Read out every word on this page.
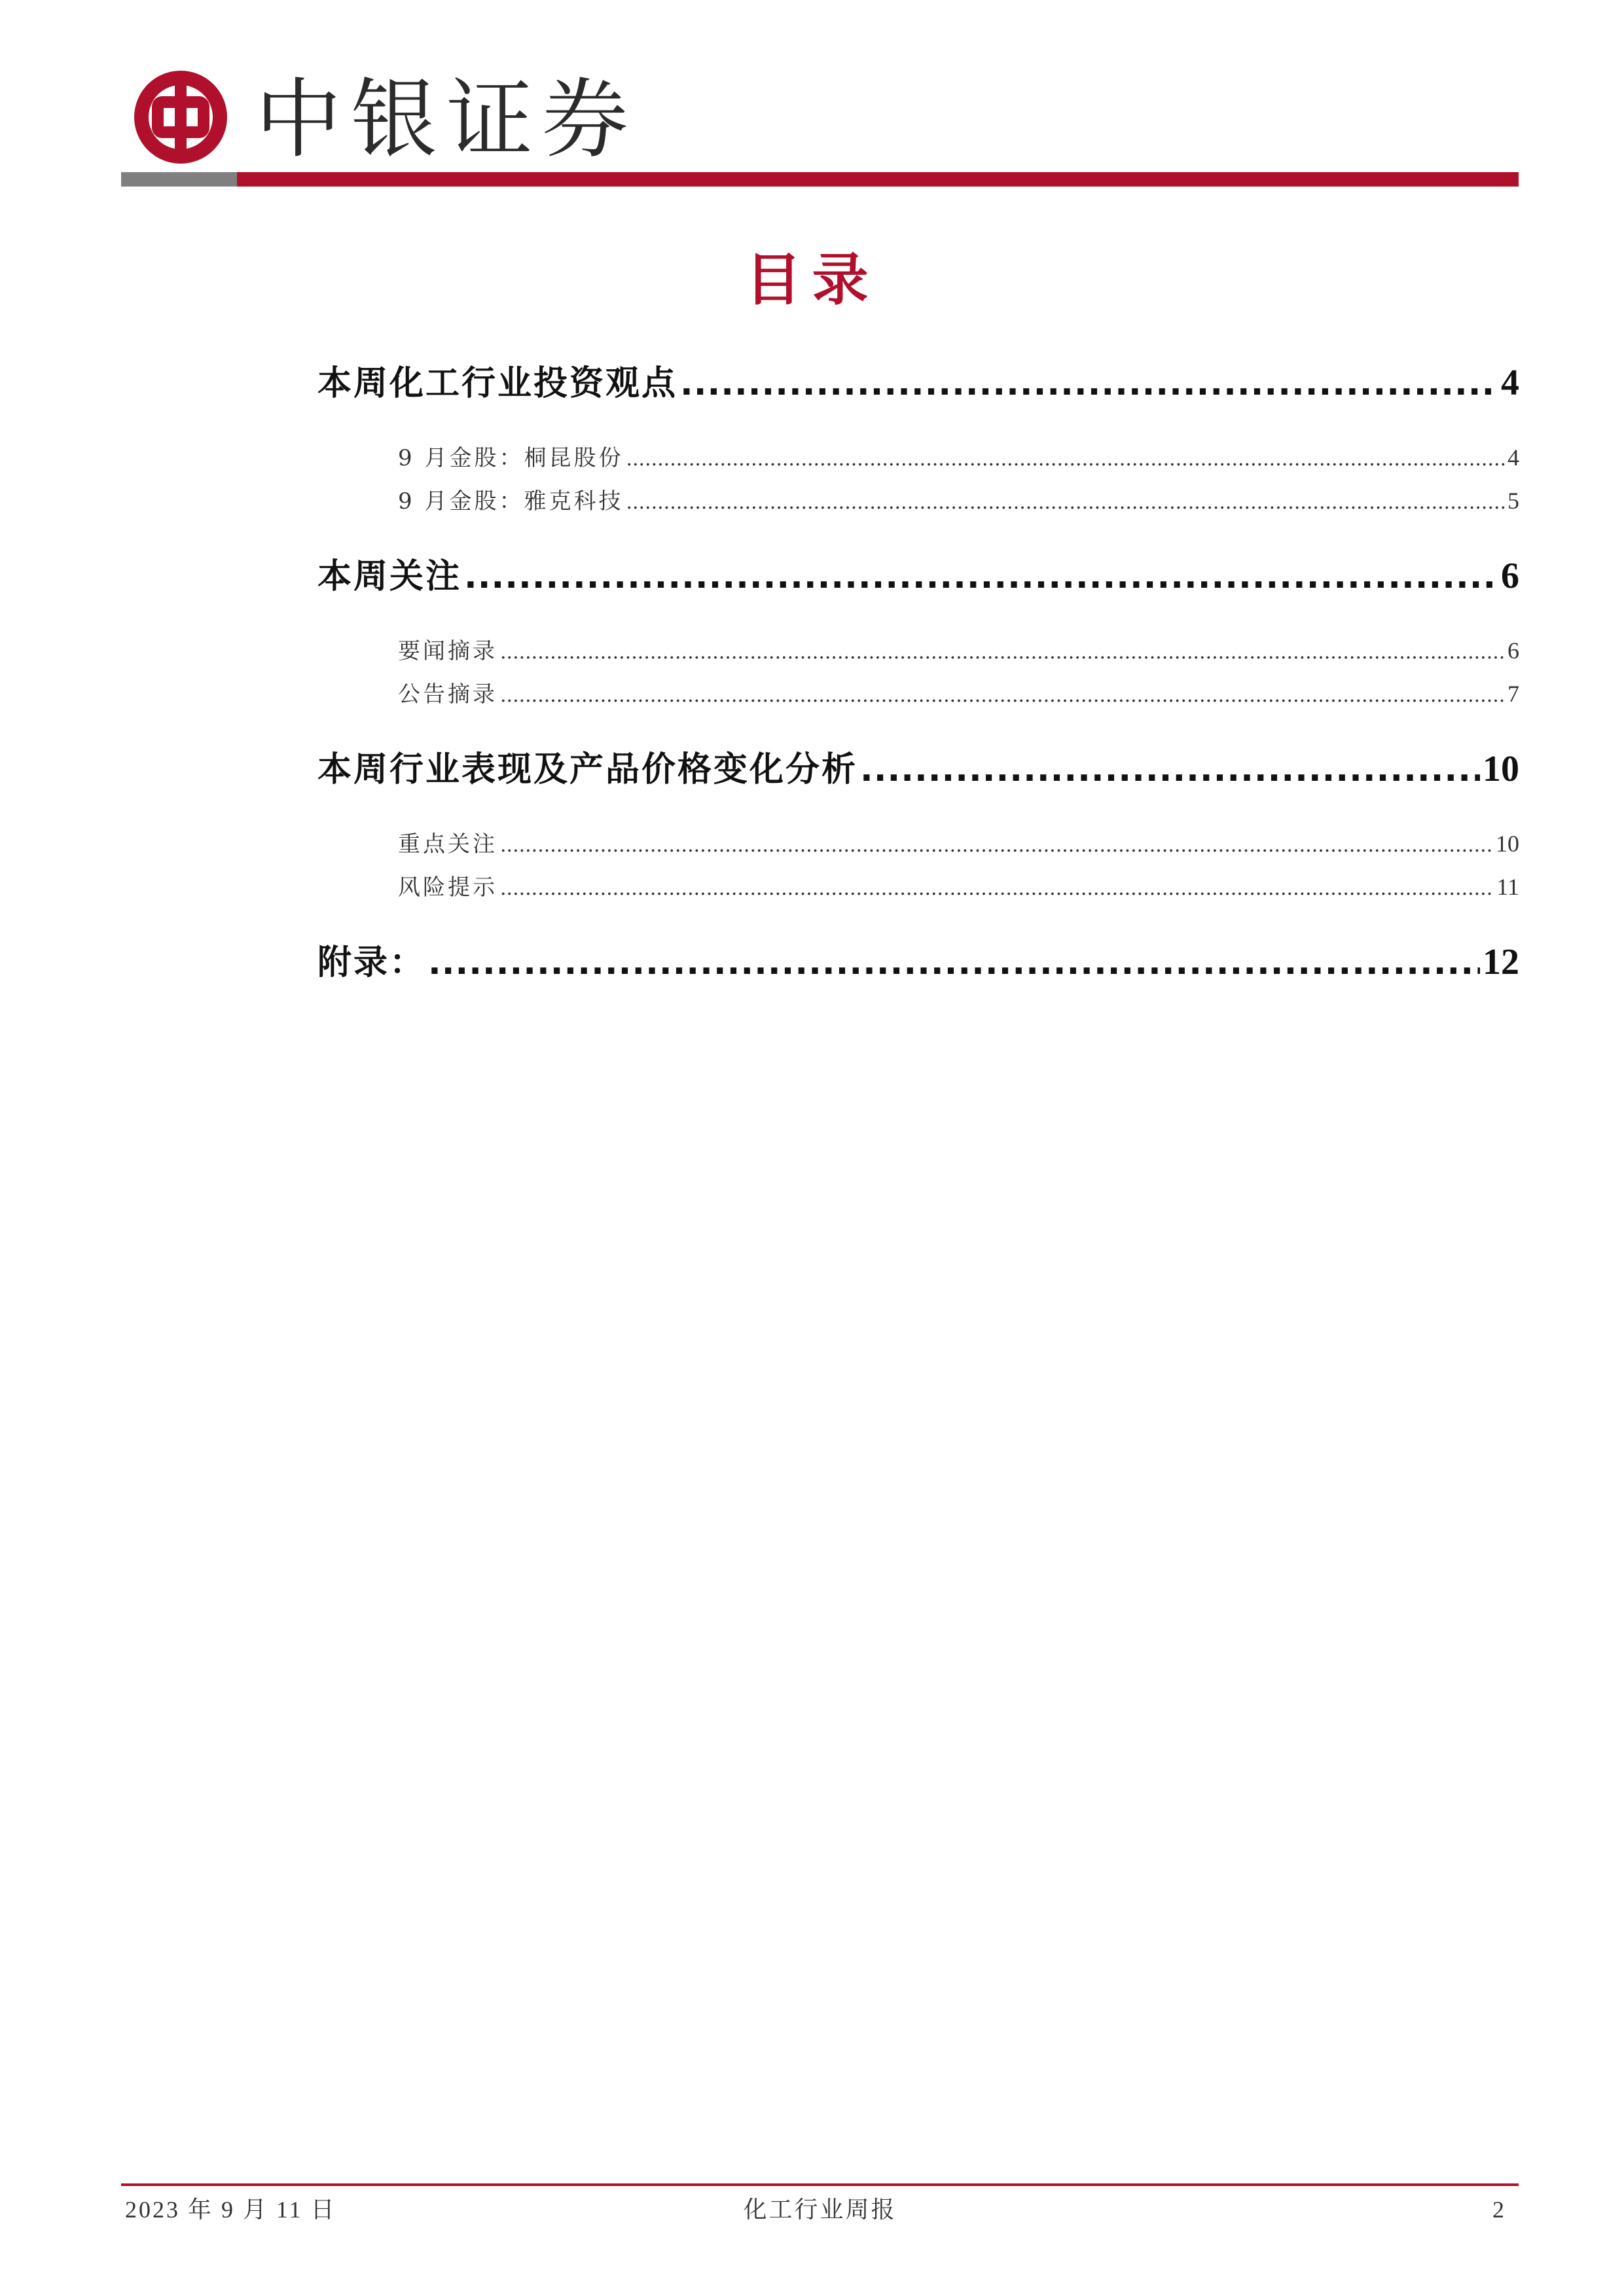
中银证券
目录
本周化工行业投资观点 .....	4
9 月金股：桐昆股份 .....	4
9 月金股：雅克科技 .....	5
本周关注 .....	6
要闻摘录 .....	6
公告摘录 .....	7
本周行业表现及产品价格变化分析 .....	10
重点关注 .....	10
风险提示 .....	11
附录： .....	12
2023 年 9 月 11 日	化工行业周报	2
